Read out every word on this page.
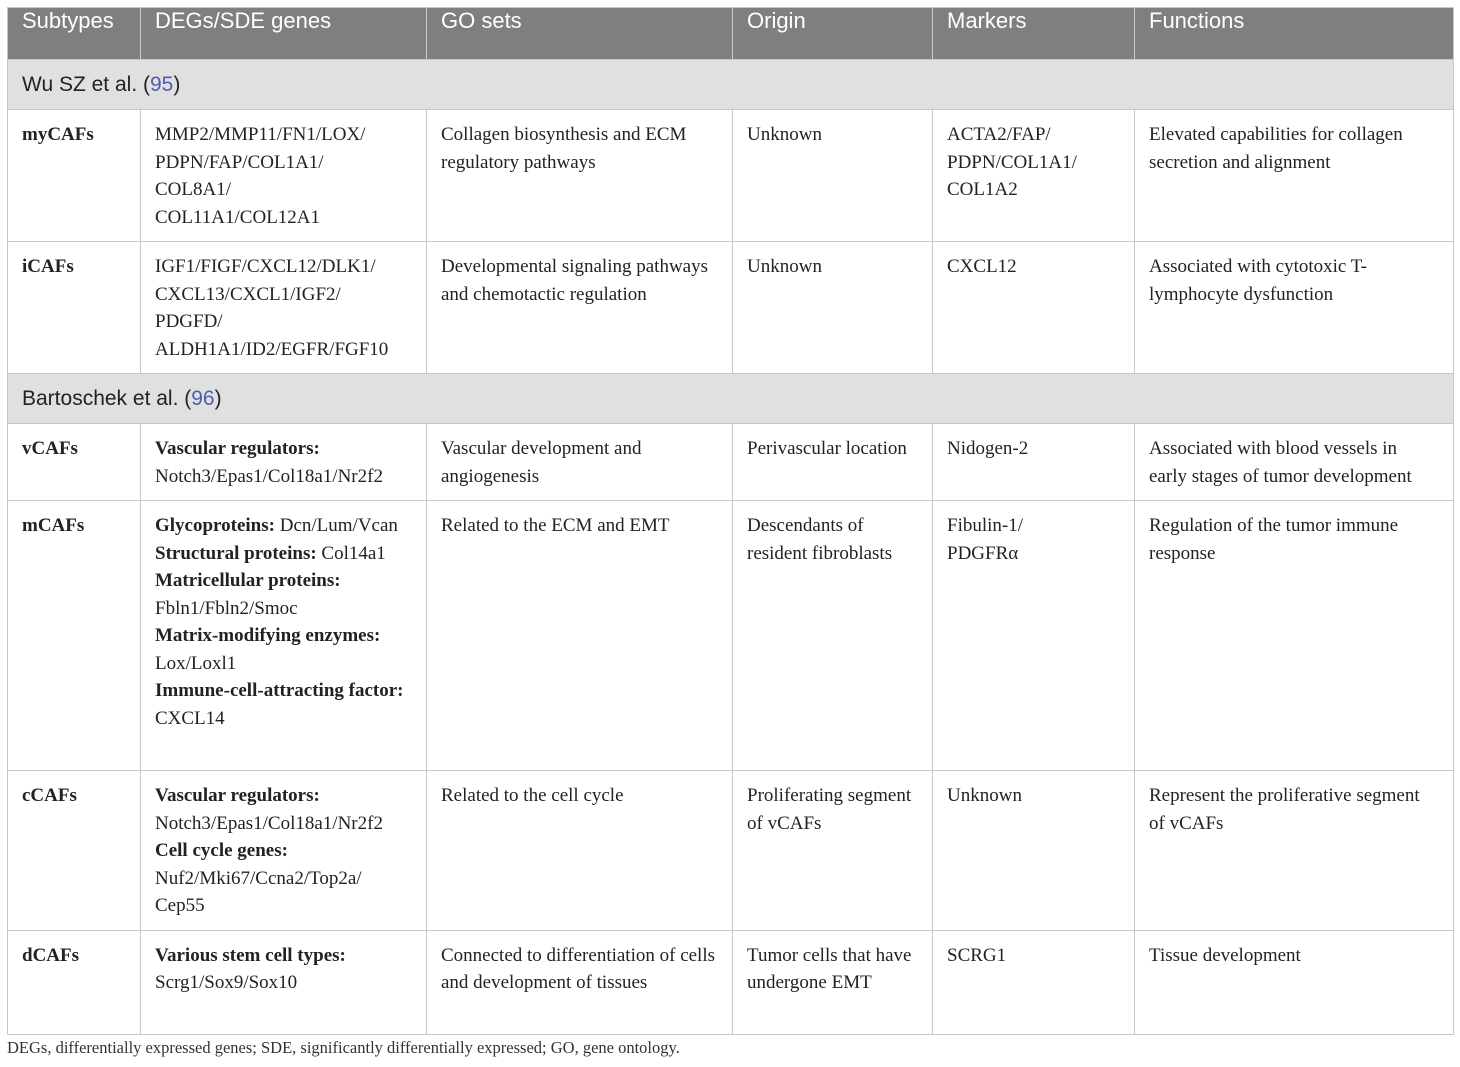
Subtypes	DEGs/SDE genes	GO sets	Origin	Markers	Functions
Wu SZ et al. (95)					
myCAFs	MMP2/MMP11/FN1/LOX/
PDPN/FAP/COL1A1/
COL8A1/
COL11A1/COL12A1	Collagen biosynthesis and ECM regulatory pathways	Unknown	ACTA2/FAP/
PDPN/COL1A1/
COL1A2	Elevated capabilities for collagen secretion and alignment
iCAFs	IGF1/FIGF/CXCL12/DLK1/
CXCL13/CXCL1/IGF2/
PDGFD/
ALDH1A1/ID2/EGFR/FGF10	Developmental signaling pathways and chemotactic regulation	Unknown	CXCL12	Associated with cytotoxic T-lymphocyte dysfunction
Bartoschek et al. (96)					
vCAFs	Vascular regulators:
Notch3/Epas1/Col18a1/Nr2f2	Vascular development and angiogenesis	Perivascular location	Nidogen-2	Associated with blood vessels in early stages of tumor development
mCAFs	Glycoproteins: Dcn/Lum/Vcan
Structural proteins: Col14a1
Matricellular proteins: Fbln1/Fbln2/Smoc
Matrix-modifying enzymes: Lox/Loxl1
Immune-cell-attracting factor: CXCL14	Related to the ECM and EMT	Descendants of resident fibroblasts	Fibulin-1/
PDGFRα	Regulation of the tumor immune response
cCAFs	Vascular regulators:
Notch3/Epas1/Col18a1/Nr2f2
Cell cycle genes:
Nuf2/Mki67/Ccna2/Top2a/
Cep55	Related to the cell cycle	Proliferating segment of vCAFs	Unknown	Represent the proliferative segment of vCAFs
dCAFs	Various stem cell types:
Scrg1/Sox9/Sox10	Connected to differentiation of cells and development of tissues	Tumor cells that have undergone EMT	SCRG1	Tissue development
DEGs, differentially expressed genes; SDE, significantly differentially expressed; GO, gene ontology.
